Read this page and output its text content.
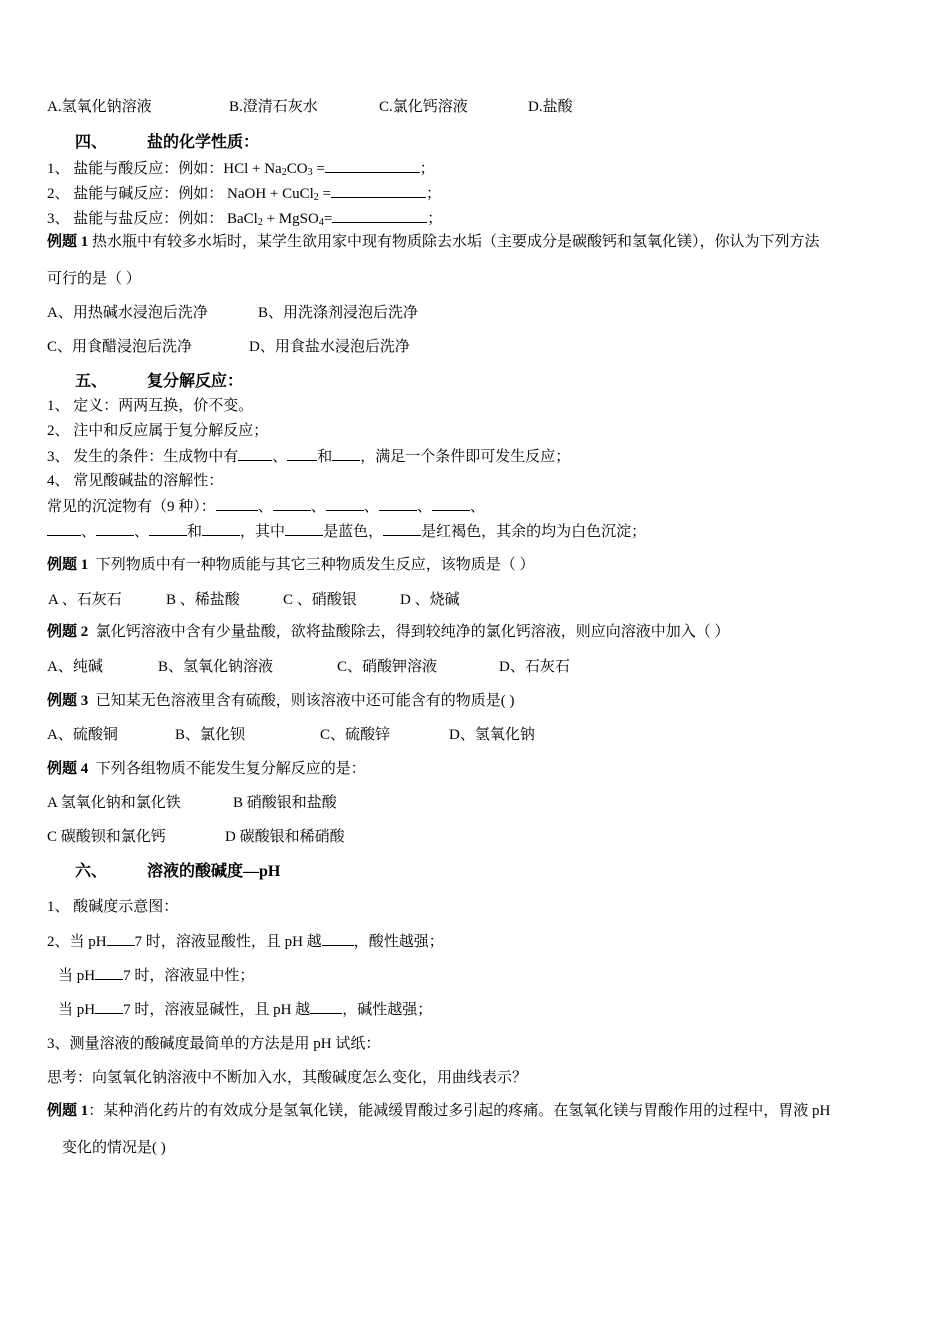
A.氢氧化钠溶液	B.澄清石灰水	C.氯化钙溶液	D.盐酸
四、	盐的化学性质：
1、 盐能与酸反应：例如：HCl + $Na_2CO_3$ =	；
2、 盐能与碱反应：例如： NaOH + CuCl$_2$ =	；
3、 盐能与盐反应：例如： BaCl$_2$ + MgSO$_4$=	；
例题 1 热水瓶中有较多水垢时，某学生欲用家中现有物质除去水垢（主要成分是碳酸钙和氢氧化镁），你认为下列方法
可行的是（ ）
A、用热碱水浸泡后洗净	B、用洗涤剂浸泡后洗净
C、用食醋浸泡后洗净	D、用食盐水浸泡后洗净
五、	复分解反应：
1、 定义：两两互换，价不变。
2、 注中和反应属于复分解反应；
3、 发生的条件：生成物中有 、 和 ，满足一个条件即可发生反应；
4、 常见酸碱盐的溶解性：
常见的沉淀物有（9 种）：	、	、	、	、	、
、	、	和	，其中	是蓝色，	是红褐色，其余的均为白色沉淀；
例题 1 下列物质中有一种物质能与其它三种物质发生反应，该物质是（ ）
A 、石灰石	B 、稀盐酸	C 、硝酸银	D 、烧碱
例题 2 氯化钙溶液中含有少量盐酸，欲将盐酸除去，得到较纯净的氯化钙溶液，则应向溶液中加入（ ）
A、纯碱	B、氢氧化钠溶液	C、硝酸钾溶液	D、石灰石
例题 3 已知某无色溶液里含有硫酸，则该溶液中还可能含有的物质是( )
A、硫酸铜	B、氯化钡	C、硫酸锌	D、氢氧化钠
例题 4 下列各组物质不能发生复分解反应的是：
A 氢氧化钠和氯化铁	B 硝酸银和盐酸
C 碳酸钡和氯化钙	D 碳酸银和稀硝酸
六、	溶液的酸碱度—pH
1、 酸碱度示意图：
2、当 pH 7 时，溶液显酸性，且 pH 越 ，酸性越强；
当 pH 7 时，溶液显中性；
当 pH 7 时，溶液显碱性，且 pH 越 ，碱性越强；
3、测量溶液的酸碱度最简单的方法是用 pH 试纸：
思考：向氢氧化钠溶液中不断加入水，其酸碱度怎么变化，用曲线表示？
例题 1：某种消化药片的有效成分是氢氧化镁，能减缓胃酸过多引起的疼痛。在氢氧化镁与胃酸作用的过程中，胃液 pH
变化的情况是( )
